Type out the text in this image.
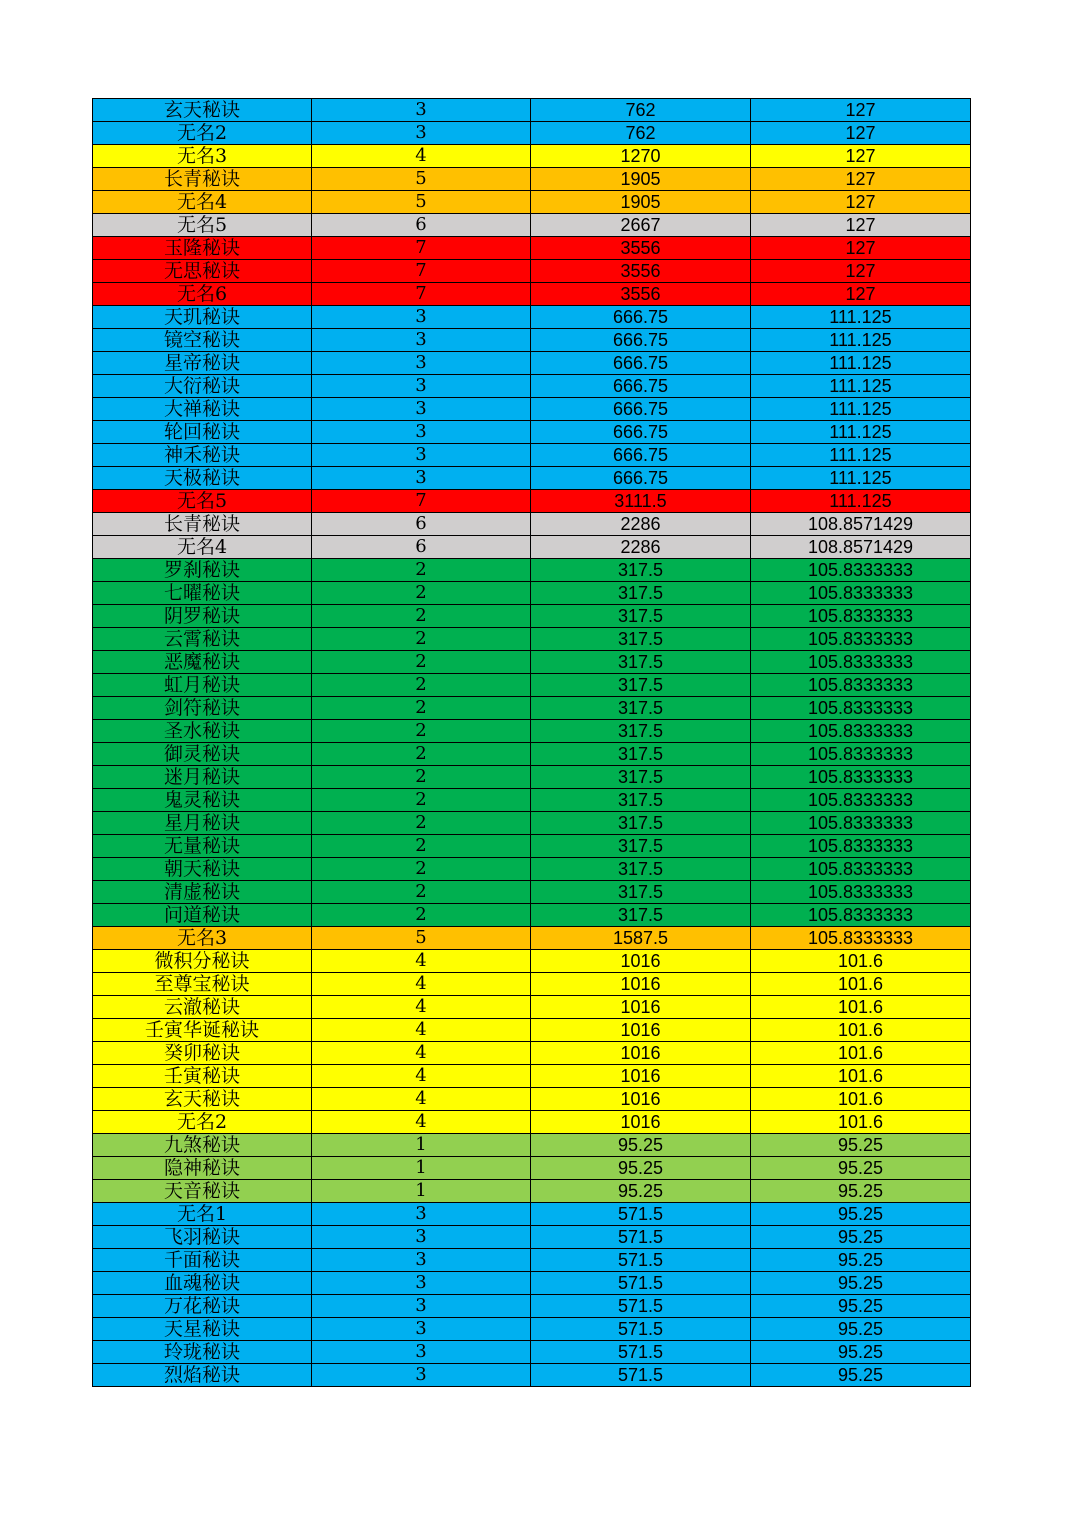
玄天秘诀	3	762	127
无名2	3	762	127
无名3	4	1270	127
长青秘诀	5	1905	127
无名4	5	1905	127
无名5	6	2667	127
玉隆秘诀	7	3556	127
无思秘诀	7	3556	127
无名6	7	3556	127
天玑秘诀	3	666.75	111.125
镜空秘诀	3	666.75	111.125
星帝秘诀	3	666.75	111.125
大衍秘诀	3	666.75	111.125
大禅秘诀	3	666.75	111.125
轮回秘诀	3	666.75	111.125
神禾秘诀	3	666.75	111.125
天极秘诀	3	666.75	111.125
无名5	7	3111.5	111.125
长青秘诀	6	2286	108.8571429
无名4	6	2286	108.8571429
罗刹秘诀	2	317.5	105.8333333
七曜秘诀	2	317.5	105.8333333
阴罗秘诀	2	317.5	105.8333333
云霄秘诀	2	317.5	105.8333333
恶魔秘诀	2	317.5	105.8333333
虹月秘诀	2	317.5	105.8333333
剑符秘诀	2	317.5	105.8333333
圣水秘诀	2	317.5	105.8333333
御灵秘诀	2	317.5	105.8333333
迷月秘诀	2	317.5	105.8333333
鬼灵秘诀	2	317.5	105.8333333
星月秘诀	2	317.5	105.8333333
无量秘诀	2	317.5	105.8333333
朝天秘诀	2	317.5	105.8333333
清虚秘诀	2	317.5	105.8333333
问道秘诀	2	317.5	105.8333333
无名3	5	1587.5	105.8333333
微积分秘诀	4	1016	101.6
至尊宝秘诀	4	1016	101.6
云澈秘诀	4	1016	101.6
壬寅华诞秘诀	4	1016	101.6
癸卯秘诀	4	1016	101.6
壬寅秘诀	4	1016	101.6
玄天秘诀	4	1016	101.6
无名2	4	1016	101.6
九煞秘诀	1	95.25	95.25
隐神秘诀	1	95.25	95.25
天音秘诀	1	95.25	95.25
无名1	3	571.5	95.25
飞羽秘诀	3	571.5	95.25
千面秘诀	3	571.5	95.25
血魂秘诀	3	571.5	95.25
万花秘诀	3	571.5	95.25
天星秘诀	3	571.5	95.25
玲珑秘诀	3	571.5	95.25
烈焰秘诀	3	571.5	95.25
